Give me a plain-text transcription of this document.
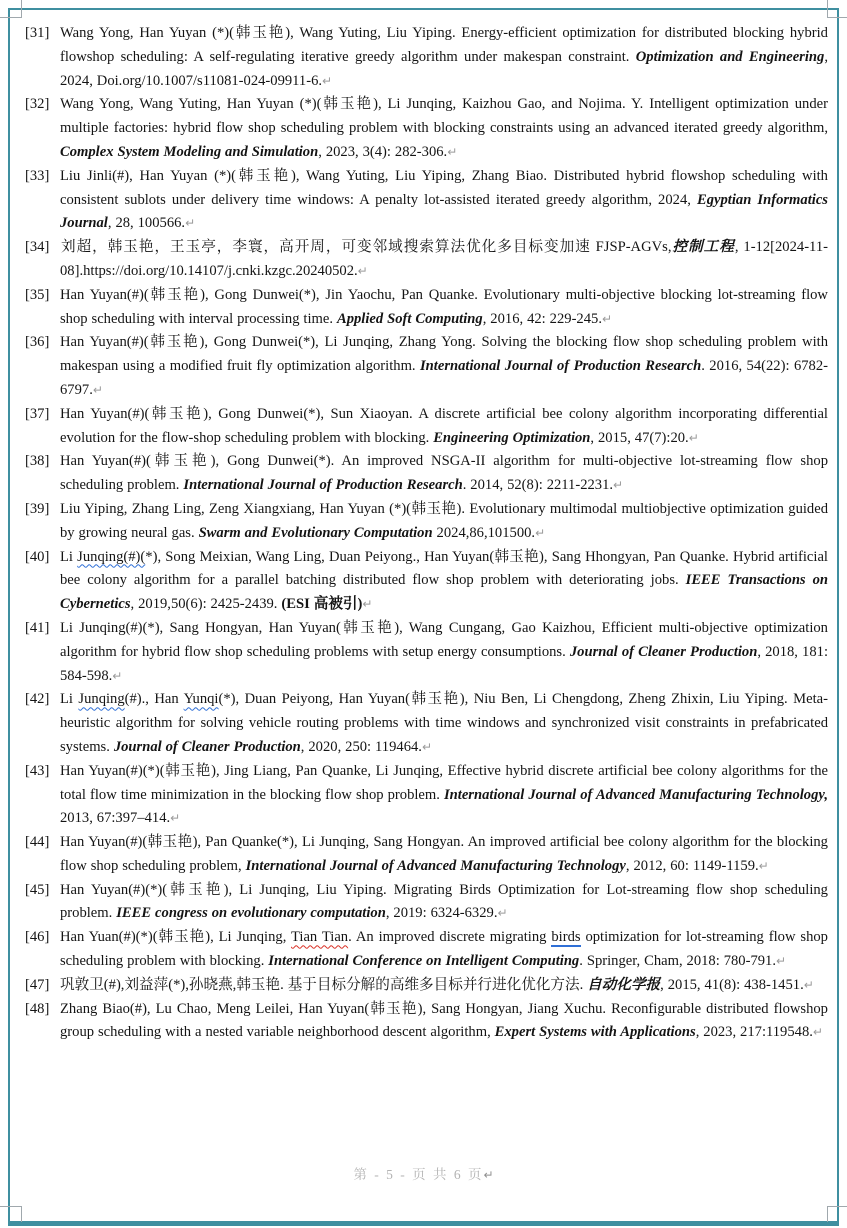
[31] Wang Yong, Han Yuyan (*)(韩玉艳), Wang Yuting, Liu Yiping. Energy-efficient optimization for distributed blocking hybrid flowshop scheduling: A self-regulating iterative greedy algorithm under makespan constraint. Optimization and Engineering, 2024, Doi.org/10.1007/s11081-024-09911-6.↵

[32] Wang Yong, Wang Yuting, Han Yuyan (*)(韩玉艳), Li Junqing, Kaizhou Gao, and Nojima. Y. Intelligent optimization under multiple factories: hybrid flow shop scheduling problem with blocking constraints using an advanced iterated greedy algorithm, Complex System Modeling and Simulation, 2023, 3(4): 282-306.↵

[33] Liu Jinli(#), Han Yuyan (*)(韩玉艳), Wang Yuting, Liu Yiping, Zhang Biao. Distributed hybrid flowshop scheduling with consistent sublots under delivery time windows: A penalty lot-assisted iterated greedy algorithm, 2024, Egyptian Informatics Journal, 28, 100566.↵

[34] 刘超，韩玉艳，王玉亭，李寰，高开周，可变邻域搜索算法优化多目标变加速 FJSP-AGVs,控制工程, 1-12[2024-11-08].https://doi.org/10.14107/j.cnki.kzgc.20240502.↵

[35] Han Yuyan(#)(韩玉艳), Gong Dunwei(*), Jin Yaochu, Pan Quanke. Evolutionary multi-objective blocking lot-streaming flow shop scheduling with interval processing time. Applied Soft Computing, 2016, 42: 229-245.↵

[36] Han Yuyan(#)(韩玉艳), Gong Dunwei(*), Li Junqing, Zhang Yong. Solving the blocking flow shop scheduling problem with makespan using a modified fruit fly optimization algorithm. International Journal of Production Research. 2016, 54(22): 6782-6797.↵

[37] Han Yuyan(#)(韩玉艳), Gong Dunwei(*), Sun Xiaoyan. A discrete artificial bee colony algorithm incorporating differential evolution for the flow-shop scheduling problem with blocking. Engineering Optimization, 2015, 47(7):20.↵

[38] Han Yuyan(#)(韩玉艳), Gong Dunwei(*). An improved NSGA-II algorithm for multi-objective lot-streaming flow shop scheduling problem. International Journal of Production Research. 2014, 52(8): 2211-2231.↵

[39] Liu Yiping, Zhang Ling, Zeng Xiangxiang, Han Yuyan (*)(韩玉艳). Evolutionary multimodal multiobjective optimization guided by growing neural gas. Swarm and Evolutionary Computation 2024,86,101500.↵

[40] Li Junqing(#)(*), Song Meixian, Wang Ling, Duan Peiyong., Han Yuyan(韩玉艳), Sang Hhongyan, Pan Quanke. Hybrid artificial bee colony algorithm for a parallel batching distributed flow shop problem with deteriorating jobs. IEEE Transactions on Cybernetics, 2019,50(6): 2425-2439. (ESI 高被引)↵

[41] Li Junqing(#)(*), Sang Hongyan, Han Yuyan(韩玉艳), Wang Cungang, Gao Kaizhou, Efficient multi-objective optimization algorithm for hybrid flow shop scheduling problems with setup energy consumptions. Journal of Cleaner Production, 2018, 181: 584-598.↵

[42] Li Junqing(#)., Han Yunqi(*), Duan Peiyong, Han Yuyan(韩玉艳), Niu Ben, Li Chengdong, Zheng Zhixin, Liu Yiping. Meta-heuristic algorithm for solving vehicle routing problems with time windows and synchronized visit constraints in prefabricated systems. Journal of Cleaner Production, 2020, 250: 119464.↵

[43] Han Yuyan(#)(*)(韩玉艳), Jing Liang, Pan Quanke, Li Junqing, Effective hybrid discrete artificial bee colony algorithms for the total flow time minimization in the blocking flow shop problem. International Journal of Advanced Manufacturing Technology, 2013, 67:397–414.↵

[44] Han Yuyan(#)(韩玉艳), Pan Quanke(*), Li Junqing, Sang Hongyan. An improved artificial bee colony algorithm for the blocking flow shop scheduling problem, International Journal of Advanced Manufacturing Technology, 2012, 60: 1149-1159.↵

[45] Han Yuyan(#)(*)(韩玉艳), Li Junqing, Liu Yiping. Migrating Birds Optimization for Lot-streaming flow shop scheduling problem. IEEE congress on evolutionary computation, 2019: 6324-6329.↵

[46] Han Yuan(#)(*)(韩玉艳), Li Junqing, Tian Tian. An improved discrete migrating birds optimization for lot-streaming flow shop scheduling problem with blocking. International Conference on Intelligent Computing. Springer, Cham, 2018: 780-791.↵

[47] 巩敦卫(#),刘益萍(*),孙晓燕,韩玉艳. 基于目标分解的高维多目标并行进化优化方法. 自动化学报, 2015, 41(8): 438-1451.↵

[48] Zhang Biao(#), Lu Chao, Meng Leilei, Han Yuyan(韩玉艳), Sang Hongyan, Jiang Xuchu. Reconfigurable distributed flowshop group scheduling with a nested variable neighborhood descent algorithm, Expert Systems with Applications, 2023, 217:119548.↵

第 - 5 - 页 共 6 页↵
